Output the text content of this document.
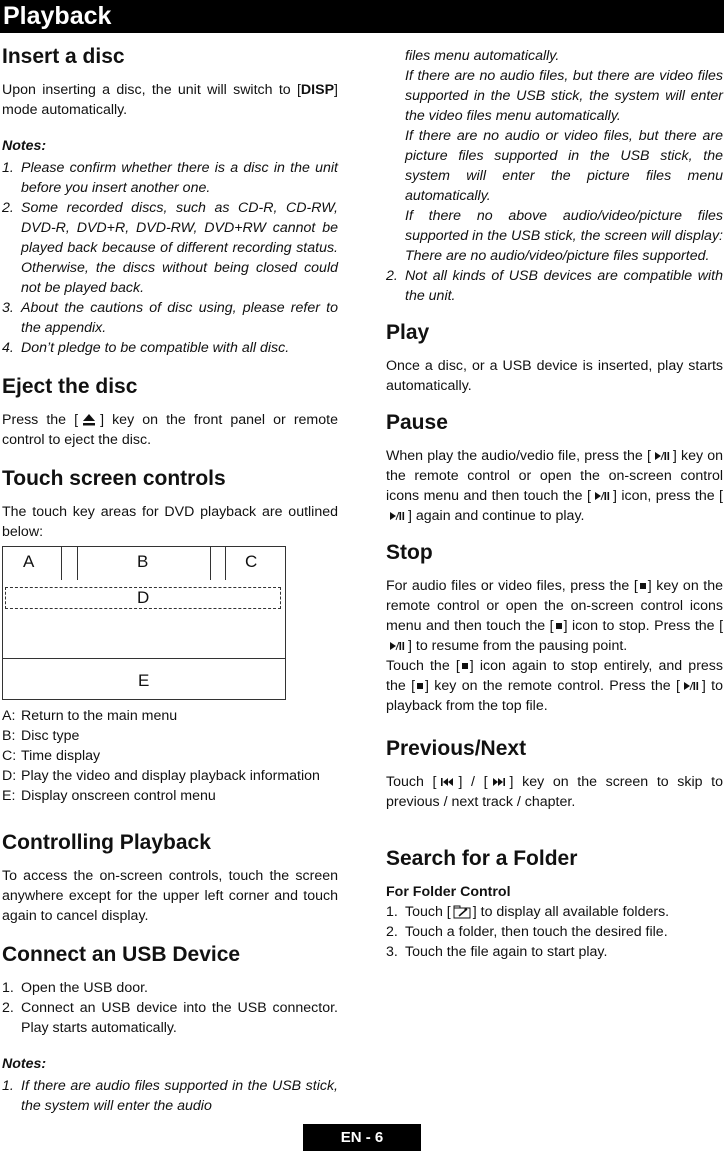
Playback
Insert a disc

Upon inserting a disc, the unit will switch to [DISP] mode automatically.

Notes:
1. Please confirm whether there is a disc in the unit before you insert another one.
2. Some recorded discs, such as CD-R, CD-RW, DVD-R, DVD+R, DVD-RW, DVD+RW cannot be played back because of different recording status. Otherwise, the discs without being closed could not be played back.
3. About the cautions of disc using, please refer to the appendix.
4. Don’t pledge to be compatible with all disc.
Eject the disc

Press the [ ] key on the front panel or remote control to eject the disc.

Touch screen controls

The touch key areas for DVD playback are outlined below:

A	B	C
D
E
A: Return to the main menu
B: Disc type
C: Time display
D: Play the video and display playback information
E: Display onscreen control menu
Controlling Playback

To access the on-screen controls, touch the screen anywhere except for the upper left corner and touch again to cancel display.

Connect an USB Device
1. Open the USB door.
2. Connect an USB device into the USB connector. Play starts automatically.
Notes:
1. If there are audio files supported in the USB stick, the system will enter the audio
files menu automatically.
If there are no audio files, but there are video files supported in the USB stick, the system will enter the video files menu automatically.
If there are no audio or video files, but there are picture files supported in the USB stick, the system will enter the picture files menu automatically.
If there no above audio/video/picture files supported in the USB stick, the screen will display: There are no audio/video/picture files supported.
2. Not all kinds of USB devices are compatible with the unit.
Play

Once a disc, or a USB device is inserted, play starts automatically.

Pause

When play the audio/vedio file, press the [ ] key on the remote control or open the on-screen control icons menu and then touch the [ ] icon, press the [
] again and continue to play.

Stop

For audio files or video files, press the [ ] key on the remote control or open the on-screen control icons menu and then touch the [ ] icon to stop. Press the [
] to resume from the pausing point.

Touch the [ ] icon again to stop entirely, and press the [ ] key on the remote control. Press the [ ] to playback from the top file.

Previous/Next

Touch [ ] / [ ] key on the screen to skip to previous / next track / chapter.

Search for a Folder
For Folder Control
1. Touch [ ] to display all available folders.
2. Touch a folder, then touch the desired file.
3. Touch the file again to start play.
EN - 6
